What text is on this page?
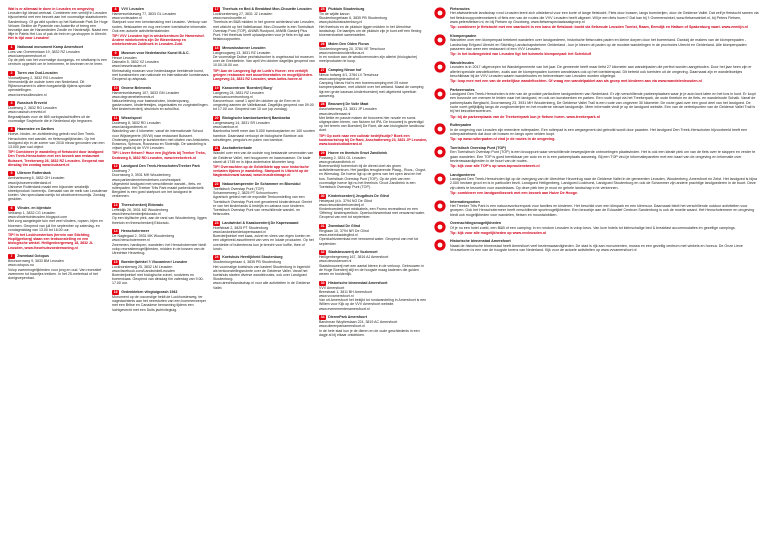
Wat is er allemaal te doen in Leusden en omgeving

Leusden ligt ideaal centraal. Combineer een verblijf in Leusden bijvoorbeeld met een bezoek aan het voormalige staatsdomein Sandenburg. Of ga wild spotten op het Nationale Park De Hoge Veluwe. Beklim de Pyramide van Austerlitz of breng een bezoekje aan de Hanzesteden Zwolle en Harderwijk. Naast een liftje in Paleis Het Loo of pak de trein en ga shoppen in Utrecht.

Het is tijd voor Leusden!

1	Nationaal monument Kamp Amersfoort
Loes van Overeemlaan 19, 3832 RZ Leusden
www.kampamersfoort.nl

Op de plek van het voormalige doorgangs- en strafkamp is een centrum opgericht om te herinneren, te bezinnen en te leren.

2	Toren van Oud-Leusden
Vlooswijkweg 2, 3832 RG Leusden

Vermoedelijk de oudste toren van Nederland. Dit Rijksmonument is alleen toegankelijk tijdens speciale openstellingen.

www.torenoudleusden.nl
3	Russisch Ereveld
Dodeweg 2, 3832 RG Leusden
www.russisch-ereveld.nl

Begraafplaats voor de 865 oorlogsslachtoffers uit de voormalige Sovjetunie die in Nederland zijn begraven.

4	Hazenstee en Darthes

Hoeve- hinder- en zichtbeleving geledt rond Den Treek-Henschoten met wandel- en fietsmogelijkheden. Op het landgoed zijn in de zomer van 2016 nieuw gevonden van een 13.000 jaar oud object.

TIP! Combineer je wandeling of fietstocht door landgoed Den Treek-Henschoten met een bezoek aan restaurant Buissert, Treekerweg 26, 3832 RZ Leusden. Geopend van dinsdag t/m zondag www.buissert.nl

5	Uilenvre Rotterdank
Armhartsvweg 6, 3832 GH Leusden
www.ijshoevenrotterdank.nl

IJshoeve Rotterdank maakt een bijzonder smakelijk streekproduct: boerenijs. Gemaakt van de melk van Leusdense koeien. Van speculaasroomijs tot aboeboerenroomijs. Zondag gesloten.

6	Vlinder- en bijentuin
Velkamp 1, 3832 CG Leusden
www.vlindertuinleusden.blogspot.com

Met zorg aangelegde tuin met veel vlinders, rupsen, bijen en bloemen. Geopend van juli t/m september op zaterdag- en zondagmiddag van 13.00 tot 16.00 uur.

TIP! In het Lockhorsterbos (terrein van Stichting Hoplijgerberg) staan een tentoonstelling en een biologische winkel. Heiligenbergerweg 18, 3832 JL Leusden, www.lheurhuisvoederwoning.nl

7	Zwembad Octopus
Beursorroweg 9, 3833 BM Leusden
www.octopus.nu

Volop zwemmogelijkheden voor jong en oud. Van recreatief zwemmen tot baantjes trekken. In het 25-meterbad of het doelgroepenbad.

8	VVV Leusden
Hamersveldseweg 77, 3833 GL Leusden
www.vvvleusden.nl

Startpunt voor een kennismaking met Leusden. Verkoop van routes, fietskaarten en nog veel meer toeristische informatie. Ook een actuele activiteitenkalender.

TIP! VVV Leusden ligt in winkelcentrum De Hamershof. Andere winkelcentra zijn De Biezenkamp en winkelcentrum Zuidhoek in Leusden-Zuid.

9	Museum voor Nederlandse Kunst M.A.C.
Hesse Leusden
Dalmalin 5, 3832 XZ Leusden
www.hesseleusden.nl

Kleinschalig museum voor hedendaagse beeldende kunst, met kunstwerken van nationale en internationale kunstenaars. Geopend op afspraak.

10	Groene Belevenis
Hamersveldseweg 107, 3833 GM Leusden
www.degroenebelevenis.nl

Natuurbeleving voor basisscholen, kinderopvang, gastvrouwen, kinderfeestjes, organisaties en zorginstellingen. Met kinderboerderij, struintuin en schuilhut.

11	Wisselspoel
Dodeweg 8, 3832 RD Leusden
www.landgoedtreek.nl

Wandeling van 4 kilometer, vanaf de internationale School voor Wijsbegeerte (ISVW) naar restaurant Buissert. Onderweg passeer je kunstwerken met citaten van Aristoteles, Erasmus, Spinoza, Rousseau en Sloterdijk. De wandeling is vrijwel gratis bij de VVV Leusden.

TIP! Liever fietsen? Huur een (lig)fiets bij Treeker Treks, Dodeweg 8, 3832 RD Leusden, www.treekertrek.nl

12	Landgoed Den Treek-Henschoten/Treeker Park
Dodeweg 7
Doornsweg 3, 3931 MH Woudenberg
www.parkendenenhendertsen.com/reatpark

Uitgestrekt landgoed met verschillende wandel-, fiets- en ruiterpaden. Het Treeker Trits Park maakt parkenkolenkelk Bergdeel is een goed startpunt om het landgoed te verkennen.

13	Theeschenkerij Eldorado
Leffeldijk 26, 3931 MZ Woudenberg
www.theeschenkerijeldorado.nl

Op een idyllische plek, aan de rand van Woudenberg, liggen theetuin en theeschenkerij Eldorado.

14	Henschotermeer
De Nagtegaal 2, 3931 MK Woudenberg
www.henschotermeer.nl

Zwemmen, hardlopen, wandelen: het Henschotermeer biedt volop recreatiemogelijkheden, midden in de bossen van de Utrechtse Heuvelrug.

15	Boerderijwinkel 't Vlocaminer/ Leusden
Lockhorsterweg 25, 3832 LM Leusden
www.facebook.com/LandwinkelLeusden

Boerderijwinkel met biologische zuivel, rundvlees en boerenkaas. Geopend van dinsdag t/m zaterdag van 9.00-17.00 uur.

16	Gedenkteken vliegtuigcrash 1943

Monument op de ooconstige heldt de Lockhorsterweg, ter nagedachtenis aan het neerstorten van een bommenwerper met een Britse en Canadese bemanning tijdens een luchtgevecht met een Duits jachtvliegtuig.

17	Theehuis en Bed & Breakfast Mon-Chouette Leusden
Lockhorsterweg 27, 3831 JZ Leusden
www.monchouette.nl

Theehuis en B&B midden in het groene achterland van Leusden, met uitzicht op het Valleikanaal. Mon-Chouette is een Toeristisch Overstap Punt (TOP), ANWB Rustpunt, ANWB Gastvrij Plus Punt. Het theehuis heeft oplaadpunten voor je fiets en ligt aan fietsknooppunten.

18	Meeuwisstunner Leusden
Langeoogweg 13, 3831 RZ Leusden

De voormalige Duitse pechstubunker is ongebouwd tot museum over de Grebbelinie. Van april t/m oktober dagelijks geopend van 10.00-16.00 uur.

TIP! Aan de Langeveg ligt de Lurib's Hoeve: een verblijft gelegen restaurant met assortimentalies en mogelijkheden. Langeveg 24, 3831 RZ Leusden, www.luribs-hoeve.nl

19	Kanocentrum 'Boerderij Burg'
Langeveg 24, 3831 RZ Leusden
www.kanocentrumburg.nl

Kanoverhuur: vanaf 1 april t/m oktober op de Eem en in omgeving aaneen de Valleikanaal. Dagelijks geopend van 09.00 tot 17.00 uur. Geopend van 10 uur (op zondag).

20	Biologische bamboekwekerij Bamboeba
Langerasweg 14, 3831 SR Leusden
www.bamboe.nl

Bamboeba heeft meer dan 5.000 bamboeplanten en 100 soorten bamboe. Daarnaast verkoopt de biologische Bamboe ook schuttingen, pergola's en palen van bamboe.

21	Aschatterkerkade

Wandel over een van de oudste nog bestaande oeverwalen van de Gelderse Vallei, met hoogzomer en kaasmuseum. De kade stamt uit 1745 en is bijna anderhalve kilometer lang.

TIP! Overnachten op de Geldelblete app voor historische verbaten tijdens je wandeling. Startpunt is Uitzicht op de Nagtentuinnwal kanaal, www.leusdenimage.nl

22	Natuurkampeerder De Schammer en Bloesidul
Toeristisch Overstap Punt (TOP)
Schammerweg 2, 3825 PT Schoonhoven

Agrarisch gebied met de expositie Tentoonstelling van een Toeristisch Overstap Punt met gevarieerd kinderdebuut. Geniet er van het kinderlands & bedrijfs en cabana voor kinderen. Toeristisch Overstap Punt van verschillende wandel- en fietsroutes.

23	Landwinkel & Kaasboerderij De Kaperswaard
Hoefstraat 2, 3825 PT Stoutenburg
www.landwinkeldekaperswaard.nl

Boerderijwinkel met kaas, zuivel en vlees van eigen koeien en een uitgebreid assortiment van vers en lokale producten. Op het overdekte of buitenterras kun je terecht voor koffie, thee of lunch.

24	Koetshuis Heerlijkheid Stoutenburg
Stoutenburgerlaan 4, 3835 PB Stoutenburg

Het voormalige koetshuis van kasteel Stoutenburg in ingericht als tentoonstellingsruimte over de Gelderse Vallei. Vanaf het koetshuis starten diverse wandelroutes, ook over Landgoed Stoutenburg.

www.utrechtslandschap.nl voor alle activiteiten in de Gelderse Vallei.
25	Pluktuin Stoutenburg
Tin de wijdte kanon
Stoutenburgerlaan 6, 3835 PB Stoutenburg
www.pluktuinstoutenburg.nl

Het theehuis en de pluktuin liggen midden in het Utrechtse landschap. De laantjes om de pluktuin zijn je kunt zelf een flexing bloemenboeket samenstellen.

26	Molen Den Olden Florus
Stoutenburgerweg 20, 3784 VE Terschuur
www.molendenoldenflorus.nl

In en rondom aan de windkorenmolen zijn allerlei (biologische) meelproducten te koop.

27	Camping Nieuw hof
Nieuw hofweg 4/1, 3784 LV Terschuur
www.campingnieuwhof.nl

Camping Nieuw Hof is een boerencamping met 25 ruime kampeerplaatsen, met uitzicht over het weiland. Naast de camping ligt een grote karavan-kinderboerderij met uitgebreid speeltuin aanwezig.

28	Brouwerij De Volle Maat
Asschatterweg 23, 3831 JP Leusden
www.devollemaat.nl

Met liefde en passie maken de brouwers hier novale en soms uitgesproken bieren, van Nutzen tot IPA. De brouwerij is geverdigd op het terrein van Boerderij De Rant, die aan biologische landbouw doet.

TIP! Op zoek naar een culinair bedrijfsuitje? Boek een kookworkshop bij De Rant, Asschatterweg 23, 3831 JP Leusden, www.kookstudioderant.nl

29	Hoeve en theetuin Grozt Zandbrink
Postweg 2, 3831 GL Leusden
www.groztzandbrink.nl

Boerenontbijt boerentuin bij de dienst doet als groen activiteitencentrum. Het jaarlijks terugkerende Plaag-, Roos-, Oogst- en Wensdag. De hoeve ligt op de grens van het open land en het bos. Toeristisch Overstap Punt (TOP). Op de plek van een voormalige hoeve ligt nu het theehuis 'Groot Zandbrink is een Toeristisch Overstap Punt (TOP).

30	Kinderboerderij Jeugdhuis De Glind
Heidepad (d.k. 3794 NG De Glind
www.nieuwkinderboerderij.nl

Kinderboerderij met minikabels, een Fromo recreatiecol en een 'Offering' kinderspeeltuin. Openluchtzwembad met verwarmd water. Geopend van mei tot september.

31	Zwembad De Glind
Ringlaan 10, 3794 NR De Glind
www.zwembaddeglind.nl

Openluchtzwembad met verwarmd water. Geopend van mei tot september.

32	Stadsbrouwerij de Vuzkenoet
Heiligenbergerweg 167, 3816 AJ Amersfoort
www.devuskenoet.nl

Stadsbrouwerij met een aantal bieren in de verkoop. Gebrouwen in de Hoge Boerderij stijl en de hoogste maag kadenen die gulden wezen en kruidenlijk.

33	Historische binnenstad Amersfoort
VVV Amersfoort
Breestraat 1, 3811 BH Amersfoort
www.vvvamersfoort.nl

Van uit Amersfoort het bekijkt tot rondwandeling in Amersfoort is een Willem voor Kijk op de VVV Amersfoort website.

www.evenementenamersfoort.nl
34	DierenPark Amersfoort
Barchman Wuytierslaan 224, 3819 AC Amersfoort
www.dierenparkamersfoort.nl

In de hele stad kun je de dieren en de oude geschiedenis in een dagje al bij elkaar ontdekken.

Fietsroutes

Het afwisselende landschap rond Leusden leent zich uitstekend voor een korte of lange fietstocht. Fiets door bossen, langs boerderijen, door de Gelderse Vallei. Dat zelf je fietstocht samen via het fietsknooppuntennetwerk of fiets een van de routes die VVV Leusden heeft uitgezet. Wil je een fiets huren? Dat kan bij 't Gveerenwinkel, www.fietsenwinkel.nl, bij Peters Fietsen, www.petersfietsen.nl, en bij Fietsen op Grootweg, www.fietsenspeciaalzaakgroep.nl

Tip: combineer je fietstocht met een vaartocht in een kano de fietsboot: boekt via fietsroute Leusden Toerist, Raam, Eemdijk en Hattum of Spakenburg vaart. www.eemlijn.nl

Klompenpaden

Wandelen over een klompenpad betekent wandelen over landgoederen, historische fietsroutes paden en kleine dorpen door het boerenland. Dankzij de makers van de klompenpaden - Landschap Erfgoed Utrecht en Stichting Landschapsbeheer Gelderland - kun je kiezen uit paden op de mooiste wandelingen in de provincies Utrecht en Gelderland. Alle klompenpaden passeren dan weer een restaurant of een VVV Leusden.

Tip: In het buitengebied van Leusden ligt het tuinmelo klompenpad: het Schelduif

Wandelroutes

Leusden is in 2017 uitgeroepen tot Wandelgemeente van het jaar. De gemeente heeft maar liefst 27 kilometer aan wandelpaden die perfect worden aangeboden. Door het jaar heen zijn er allerlei speciale wandeltochten, zoals aan de klompenpaden kunnen wandelaars ook op het toeristenspad. Dit betrekt ook toeristen uit de omgeving. Daarnaast zijn er wandelboekjes beschikbaar bij de VVV Leusden waarin wandelroutes en belevenissen van Leusden worden uitgelegd.

Tip: loop mee met een van de wekelijkse wandeltochten. Of vraag een wandelpakket aan als groep met kinderen aan via www.wandelenleusden.nl

Parkeerroutes

Landgoed Den Treek-Henschoten is één van de grootste particuliere landgoederen van Nederland. Er zijn verschillende parkeerplaatsen waar je je auto kunt laten en het bos in kunt. Er loopt een bosroute om mensen te leiden naar het landgoed, en ook om kunstwerken en parken. Een route loopt via het Treekerpark, de oude theetuin en de fiets- en wandelroute Schaik. Vanaf de parkeerplaats Bergtacht, Doornseweg 23, 3931 MH Woudenberg, De Gelderse Vallei Trail is een route van ongeveer 30 kilometer. De route gaat over een groot deel van het landgoed. De route voert gelijktijdig langs de zorgboerderijen en het moderne nieuwe landgoedje. Meer informatie vindt je op de landgoed website. Een van de vertrekpunten van de Gelderse Vallei Trail is bij het bezoekerscentrum.

Tip: bij de parkeerplaats van de Treekeriepark kun je fietsen huren. www.treekerpark.nl

Ruiterpaden

In de omgeving van Leusden zijn meerdere ruiterpaden. Een ruiterpad is een wegsegment dat gebruikt wordt door paarden. Het landgoed Den Treek-Henschoten bijvoorbeeld heeft een ruiterpadnetwerk dat door de bossen en langs open velden loopt.

Tip: op www.ruiterpaden.nl vind je de routes in de omgeving.

Toeristisch Overstap Punt (TOP)

Een Toeristisch Overstap Punt (TOP) is een knooppunt waar verschillende bewegwijzerde ontmoetingen plaatsvinden. Het is ook een ideale plek om van de fiets over te stappen en verder te gaan wandelen. Een TOP is goed bereikbaar per auto en er is een parkeerplaats aanwezig. Bij een TOP vind je informatiepanelen met een kaart van de omgeving en informatie over bezienswaardigheden in de buurt van de routes.

Tip: kijk voor alle TOP's op www.toproutenetwerk.nl

Landgoederen

Landgoed Den Treek-Henschoten ligt op de overgang van de Utrechtse Heuvelrug naar de Gelderse Vallei in de gemeenten Leusden, Woudenberg, Amersfoort en Zeist. Het landgoed is bijna 2.000 hectare groot en is in particulier bezit. Landgoed Heiligenberg, Landgoed Lockhorst, Landgoed Stoutenburg en ook de Schammer zijn andere prachtige landgoederen in de buurt. Deze zijn deels te bezoeken voor wandelaars. Op deze plek ben je mooi en gehele landschap in te verkennen.

Tip: combineer een landgoedbezoek met een bezoek aan Huize De Hooge.

Internatiesporten

Het Treeker Trits Park is een natuuravonturenpark voor families en kinderen. Het beschikt over een klimpark en een klimmuur. Daarnaast biedt het verschillende outdoor activiteiten voor groepen. Ook het Henschotermeer heeft verschillende sportmogelijkheden. Een bezoekje aan de Educatief Centrum Sandenburg is ook de moeite waard. Het Henschotermeer en omgeving biedt ook mogelijkheden voor wandelen, fietsen en mountainbiken.

Overnachtingsmogelijkheden

Of je nu een hotel zoekt, een B&B of een camping: in en rondom Leusden is volop keus. Van luxe hotels tot kleinschalige bed & breakfast accommodaties en gezellige campings.

Tip: kijk voor alle mogelijkheden op www.vvvleusden.nl

Historische binnenstad Amersfoort

Naast de historische binnenstad heeft Amersfoort veel bezienswaardigheden. De stad is rijk aan monumenten, musea en een gezellig centrum met winkels en horeca. De Onze Lieve Vrouwetoren is een van de hoogste torens van Nederland. Kijk voor de actuele activiteiten op www.vvvamersfoort.nl
